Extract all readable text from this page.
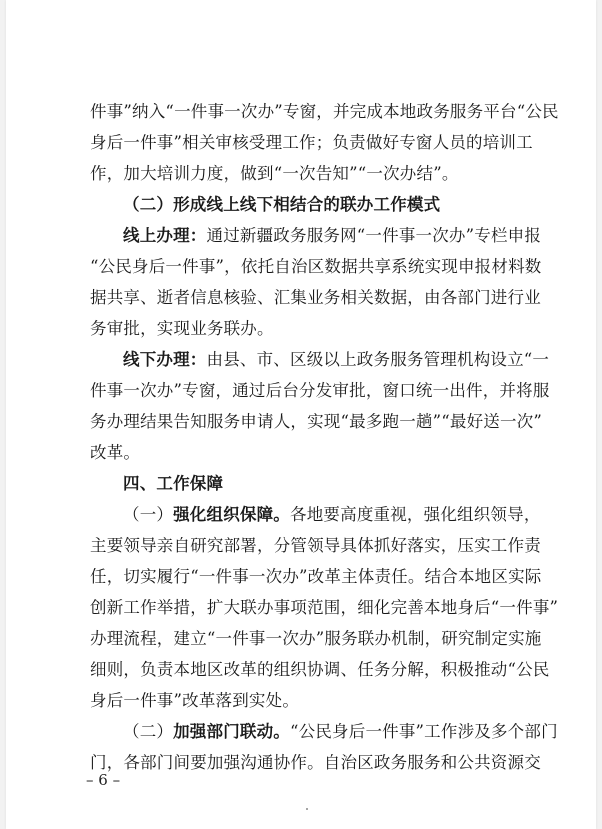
件事”纳入“一件事一次办”专窗，并完成本地政务服务平台“公民
身后一件事”相关审核受理工作；负责做好专窗人员的培训工
作，加大培训力度，做到“一次告知”“一次办结”。
（二）形成线上线下相结合的联办工作模式
线上办理：通过新疆政务服务网“一件事一次办”专栏申报
“公民身后一件事”，依托自治区数据共享系统实现申报材料数
据共享、逝者信息核验、汇集业务相关数据，由各部门进行业
务审批，实现业务联办。
线下办理：由县、市、区级以上政务服务管理机构设立“一
件事一次办”专窗，通过后台分发审批，窗口统一出件，并将服
务办理结果告知服务申请人，实现“最多跑一趟”“最好送一次”
改革。
四、工作保障
（一）强化组织保障。各地要高度重视，强化组织领导，
主要领导亲自研究部署，分管领导具体抓好落实，压实工作责
任，切实履行“一件事一次办”改革主体责任。结合本地区实际
创新工作举措，扩大联办事项范围，细化完善本地身后“一件事”
办理流程，建立“一件事一次办”服务联办机制，研究制定实施
细则，负责本地区改革的组织协调、任务分解，积极推动“公民
身后一件事”改革落到实处。
（二）加强部门联动。“公民身后一件事”工作涉及多个部门
门，各部门间要加强沟通协作。自治区政务服务和公共资源交
– 6 –
